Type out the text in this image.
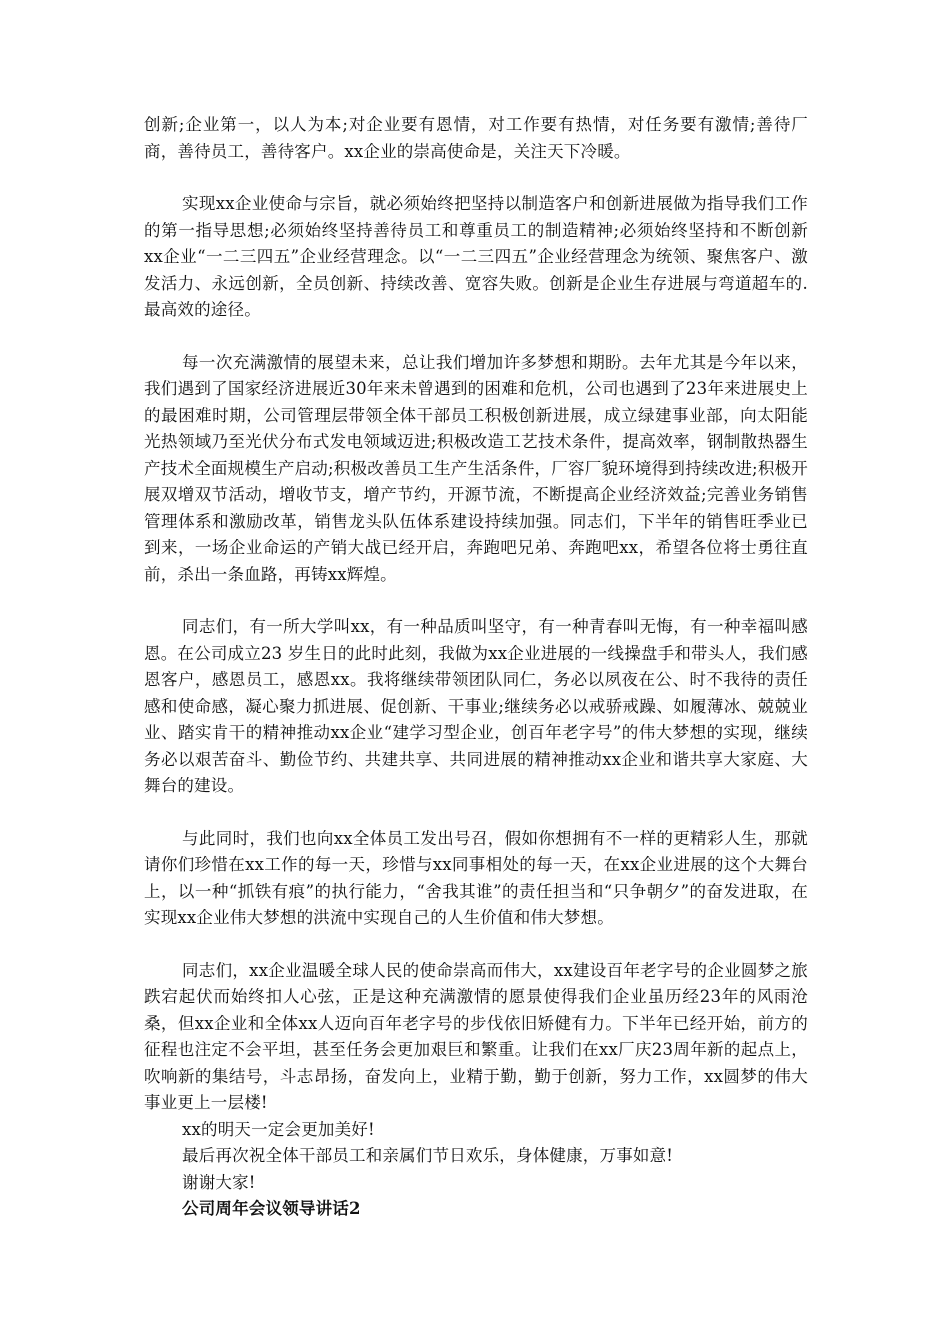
创新;企业第一，以人为本;对企业要有恩情，对工作要有热情，对任务要有激情;善待厂商，善待员工，善待客户。xx企业的崇高使命是，关注天下冷暖。

实现xx企业使命与宗旨，就必须始终把坚持以制造客户和创新进展做为指导我们工作的第一指导思想;必须始终坚持善待员工和尊重员工的制造精神;必须始终坚持和不断创新xx企业“一二三四五”企业经营理念。以“一二三四五”企业经营理念为统领、聚焦客户、激发活力、永远创新，全员创新、持续改善、宽容失败。创新是企业生存进展与弯道超车的.最高效的途径。

每一次充满激情的展望未来，总让我们增加许多梦想和期盼。去年尤其是今年以来，我们遇到了国家经济进展近30年来未曾遇到的困难和危机，公司也遇到了23年来进展史上的最困难时期，公司管理层带领全体干部员工积极创新进展，成立绿建事业部，向太阳能光热领域乃至光伏分布式发电领域迈进;积极改造工艺技术条件，提高效率，钢制散热器生产技术全面规模生产启动;积极改善员工生产生活条件，厂容厂貌环境得到持续改进;积极开展双增双节活动，增收节支，增产节约，开源节流，不断提高企业经济效益;完善业务销售管理体系和激励改革，销售龙头队伍体系建设持续加强。同志们，下半年的销售旺季业已到来，一场企业命运的产销大战已经开启，奔跑吧兄弟、奔跑吧xx，希望各位将士勇往直前，杀出一条血路，再铸xx辉煌。

同志们，有一所大学叫xx，有一种品质叫坚守，有一种青春叫无悔，有一种幸福叫感恩。在公司成立23 岁生日的此时此刻，我做为xx企业进展的一线操盘手和带头人，我们感恩客户，感恩员工，感恩xx。我将继续带领团队同仁，务必以夙夜在公、时不我待的责任感和使命感，凝心聚力抓进展、促创新、干事业;继续务必以戒骄戒躁、如履薄冰、兢兢业业、踏实肯干的精神推动xx企业“建学习型企业，创百年老字号”的伟大梦想的实现，继续务必以艰苦奋斗、勤俭节约、共建共享、共同进展的精神推动xx企业和谐共享大家庭、大舞台的建设。

与此同时，我们也向xx全体员工发出号召，假如你想拥有不一样的更精彩人生，那就请你们珍惜在xx工作的每一天，珍惜与xx同事相处的每一天，在xx企业进展的这个大舞台上，以一种“抓铁有痕”的执行能力，“舍我其谁”的责任担当和“只争朝夕”的奋发进取，在实现xx企业伟大梦想的洪流中实现自己的人生价值和伟大梦想。

同志们，xx企业温暖全球人民的使命崇高而伟大，xx建设百年老字号的企业圆梦之旅跌宕起伏而始终扣人心弦，正是这种充满激情的愿景使得我们企业虽历经23年的风雨沧桑，但xx企业和全体xx人迈向百年老字号的步伐依旧矫健有力。下半年已经开始，前方的征程也注定不会平坦，甚至任务会更加艰巨和繁重。让我们在xx厂庆23周年新的起点上，吹响新的集结号，斗志昂扬，奋发向上，业精于勤，勤于创新，努力工作，xx圆梦的伟大事业更上一层楼!

xx的明天一定会更加美好!

最后再次祝全体干部员工和亲属们节日欢乐，身体健康，万事如意!

谢谢大家!

公司周年会议领导讲话2
